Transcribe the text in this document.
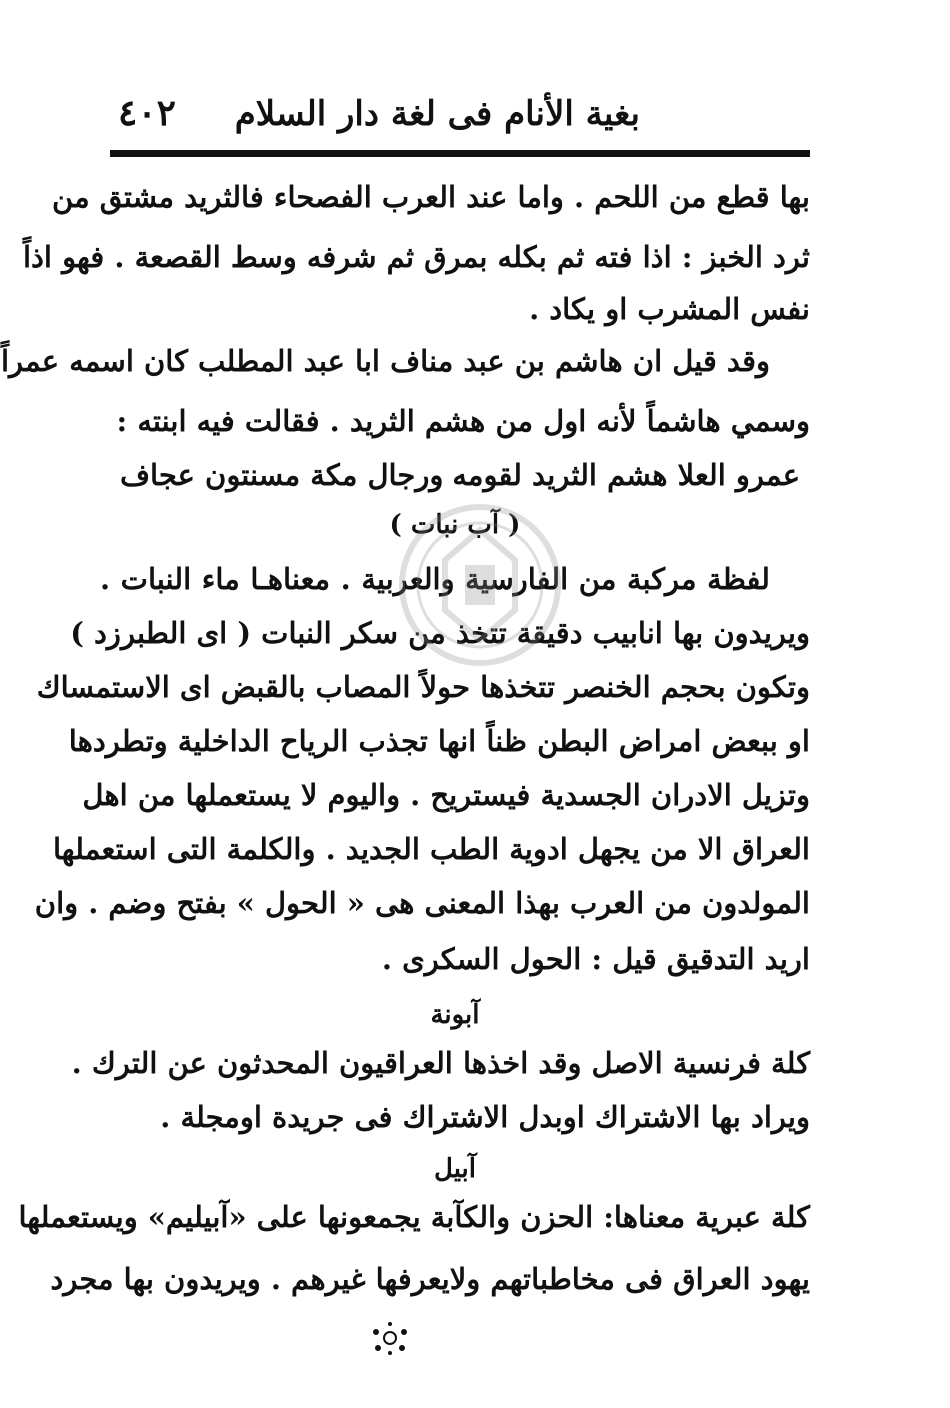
بغية الأنام فى لغة دار السلام
٤٠٢
بها قطع من اللحم . واما عند العرب الفصحاء فالثريد مشتق من
ثرد الخبز : اذا فته ثم بكله بمرق ثم شرفه وسط القصعة . فهو اذاً
نفس المشرب او يكاد .
وقد قيل ان هاشم بن عبد مناف ابا عبد المطلب كان اسمه عمراً
وسمي هاشماً لأنه اول من هشم الثريد . فقالت فيه ابنته :
عمرو العلا هشم الثريد لقومه
ورجال مكة مسنتون عجاف
( آب نبات )
لفظة مركبة من الفارسية والعربية . معناهـا ماء النبات .
ويريدون بها انابيب دقيقة تتخذ من سكر النبات ( اى الطبرزد )
وتكون بحجم الخنصر تتخذها حولاً المصاب بالقبض اى الاستمساك
او ببعض امراض البطن ظناً انها تجذب الرياح الداخلية وتطردها
وتزيل الادران الجسدية فيستريح . واليوم لا يستعملها من اهل
العراق الا من يجهل ادوية الطب الجديد . والكلمة التى استعملها
المولدون من العرب بهذا المعنى هى « الحول » بفتح وضم . وان
اريد التدقيق قيل : الحول السكرى .
آبونة
كلة فرنسية الاصل وقد اخذها العراقيون المحدثون عن الترك .
ويراد بها الاشتراك اوبدل الاشتراك فى جريدة اومجلة .
آبيل
كلة عبرية معناها: الحزن والكآبة يجمعونها على «آبيليم» ويستعملها
يهود العراق فى مخاطباتهم ولايعرفها غيرهم . ويريدون بها مجرد
